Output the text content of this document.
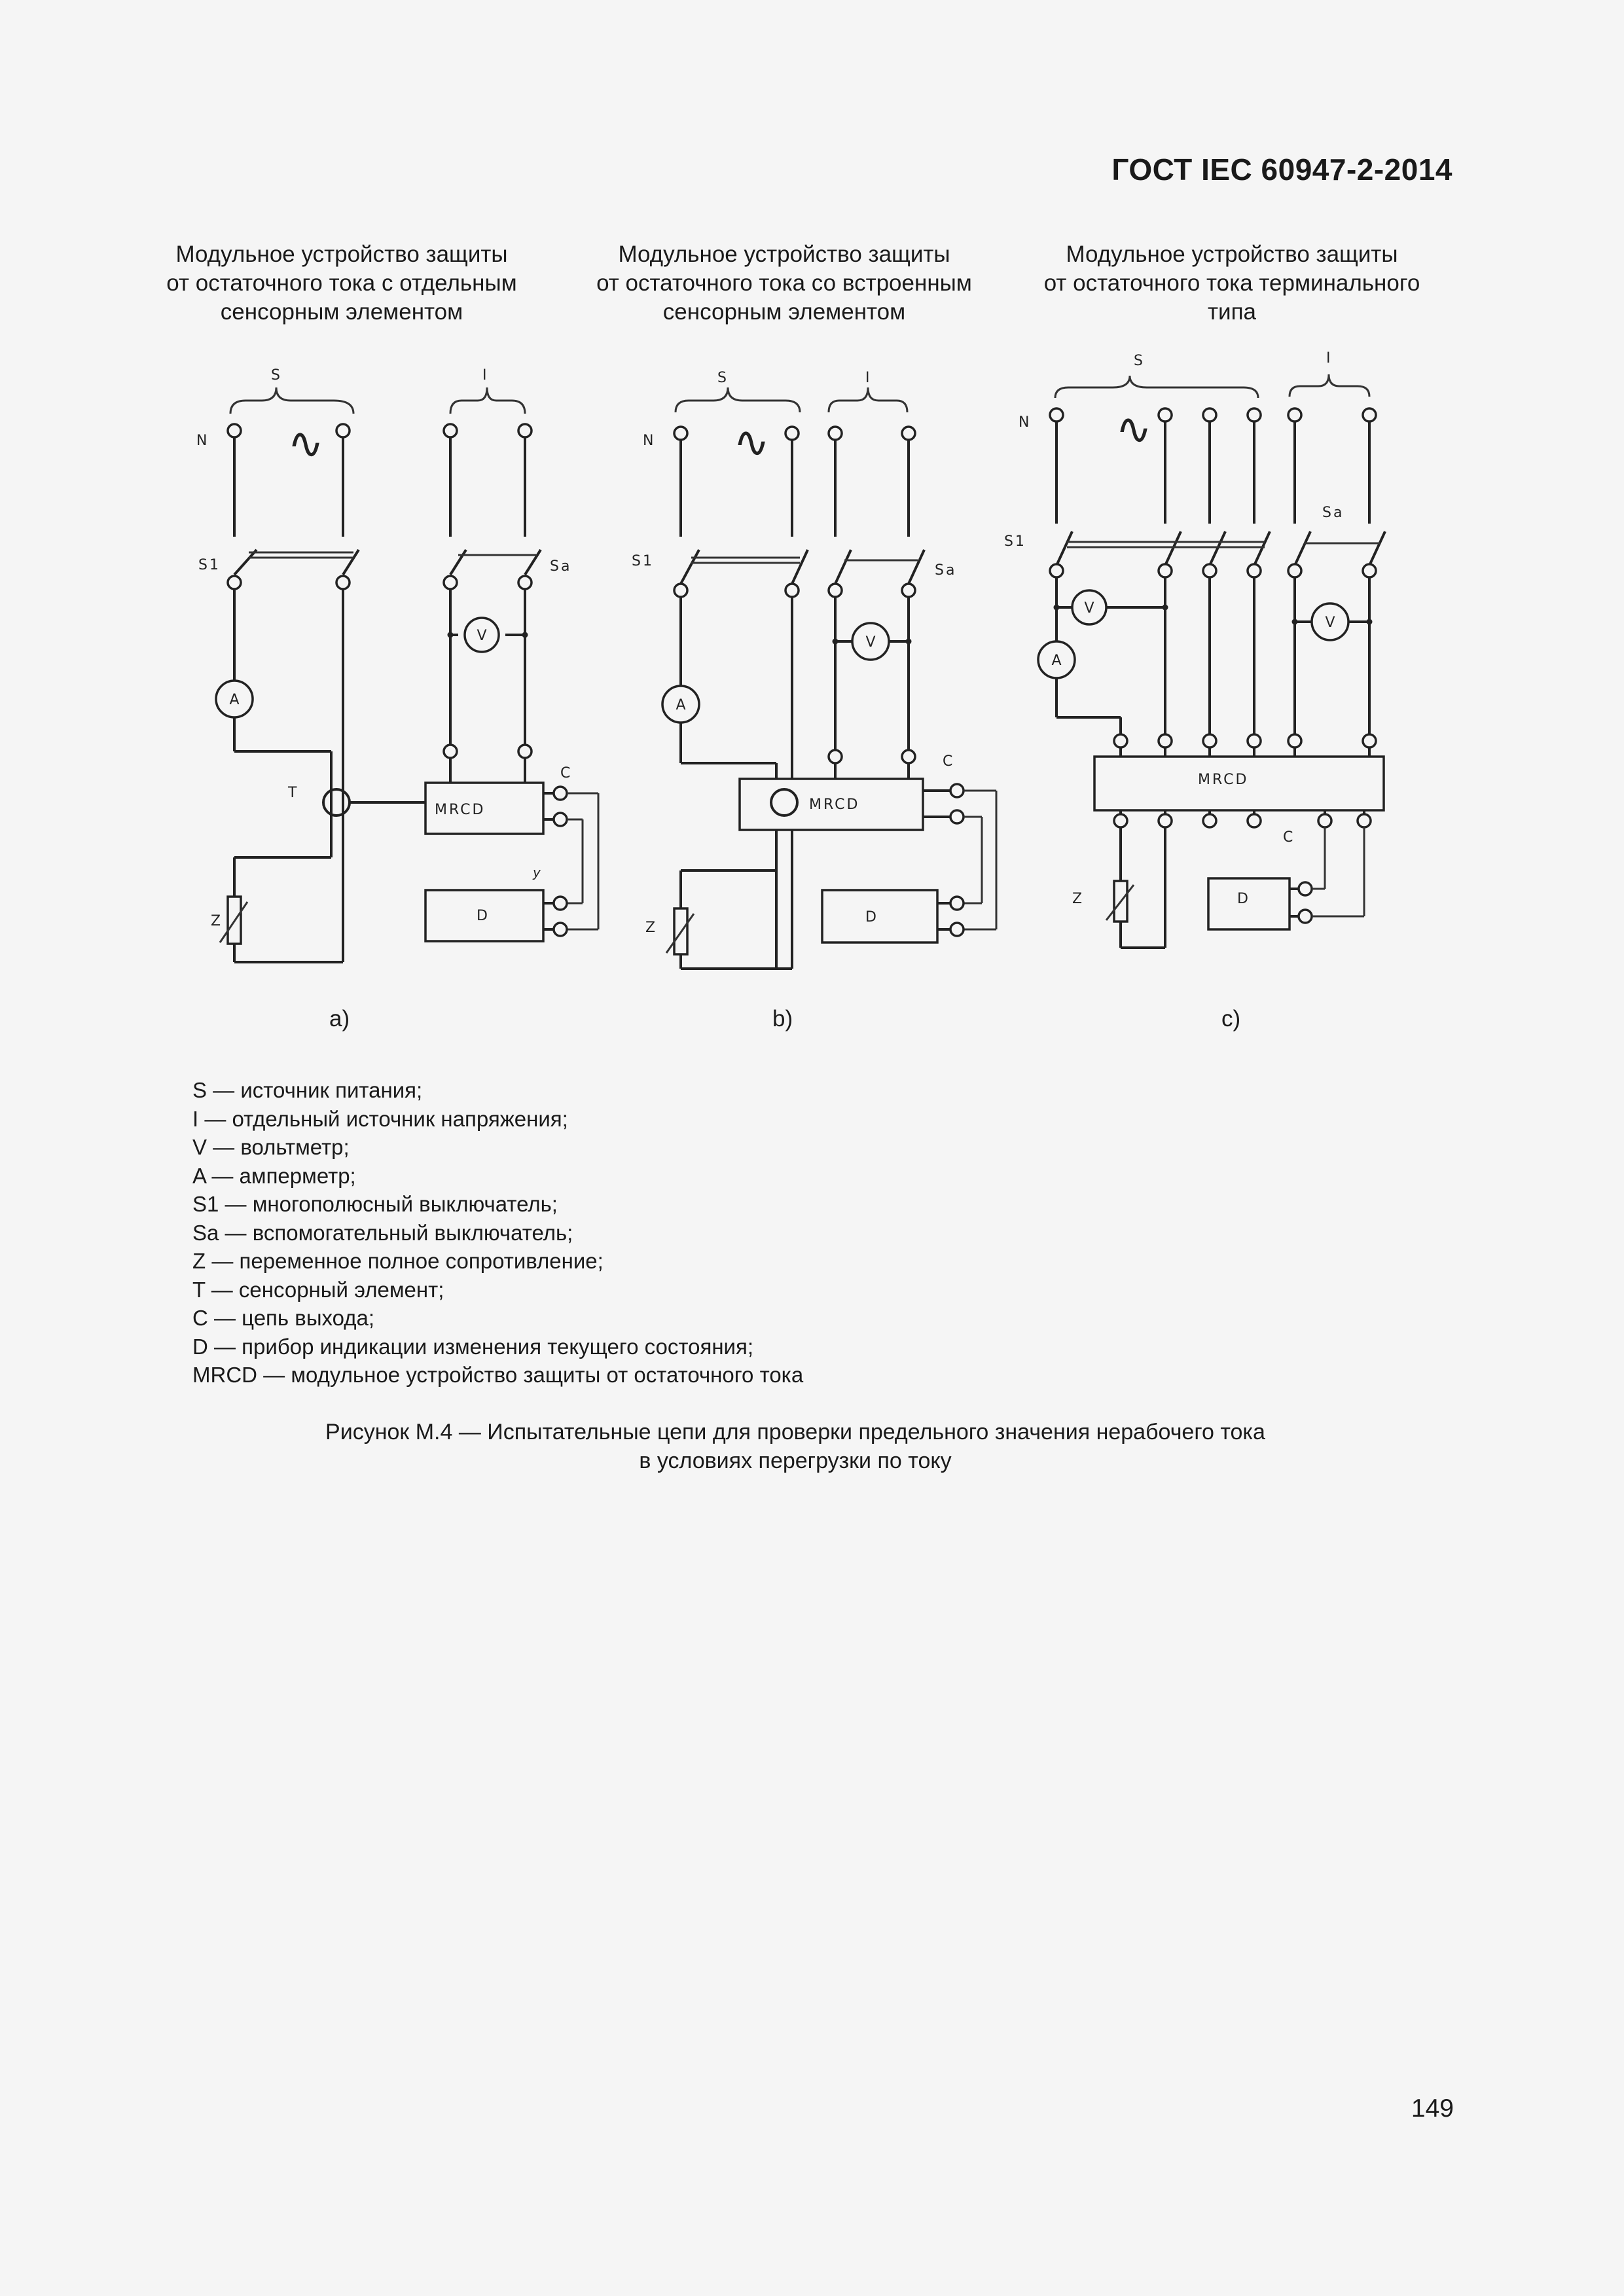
ГОСТ IEC 60947-2-2014
Модульное устройство защиты
от остаточного тока с отдельным
сенсорным элементом
Модульное устройство защиты
от остаточного тока со встроенным
сенсорным элементом
Модульное устройство защиты
от остаточного тока терминального
типа
S	I
N ∿
S1	Sa
A
Z
T
V
MRCD
C
D
y
S	I
N ∿
S1
Sa
A
V
MRCD
C
Z
D
S	I
N ∿
S1
Sa
V
A
V
MRCD
Z
C
D
a)	b)	c)
S — источник питания;
I — отдельный источник напряжения;
V — вольтметр;
A — амперметр;
S1 — многополюсный выключатель;
Sa — вспомогательный выключатель;
Z — переменное полное сопротивление;
T — сенсорный элемент;
C — цепь выхода;
D — прибор индикации изменения текущего состояния;
MRCD — модульное устройство защиты от остаточного тока
Рисунок М.4 — Испытательные цепи для проверки предельного значения нерабочего тока
в условиях перегрузки по току
149
